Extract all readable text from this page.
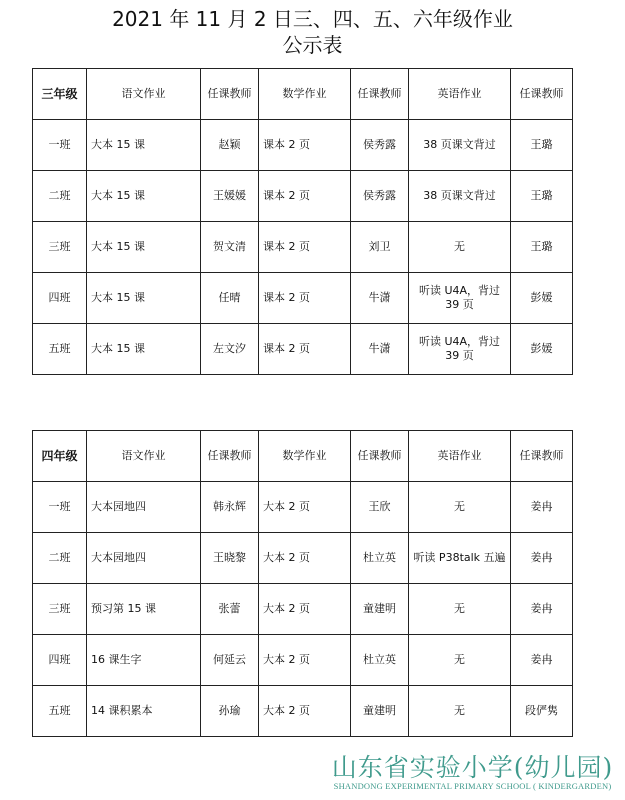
2021 年 11 月 2 日三、四、五、六年级作业
公示表
三年级	语文作业	任课教师	数学作业	任课教师	英语作业	任课教师
一班	大本 15 课	赵颖	课本 2 页	侯秀露	38 页课文背过	王璐
二班	大本 15 课	王媛媛	课本 2 页	侯秀露	38 页课文背过	王璐
三班	大本 15 课	贺文清	课本 2 页	刘卫	无	王璐
四班	大本 15 课	任晴	课本 2 页	牛潇	听读 U4A，背过 39 页	彭媛
五班	大本 15 课	左文汐	课本 2 页	牛潇	听读 U4A，背过 39 页	彭媛
四年级	语文作业	任课教师	数学作业	任课教师	英语作业	任课教师
一班	大本园地四	韩永辉	大本 2 页	王欣	无	姜冉
二班	大本园地四	王晓黎	大本 2 页	杜立英	听读 P38talk 五遍	姜冉
三班	预习第 15 课	张蕾	大本 2 页	童建明	无	姜冉
四班	16 课生字	何延云	大本 2 页	杜立英	无	姜冉
五班	14 课积累本	孙瑜	大本 2 页	童建明	无	段俨隽
山东省实验小学(幼儿园)
SHANDONG EXPERIMENTAL PRIMARY SCHOOL ( KINDERGARDEN)
